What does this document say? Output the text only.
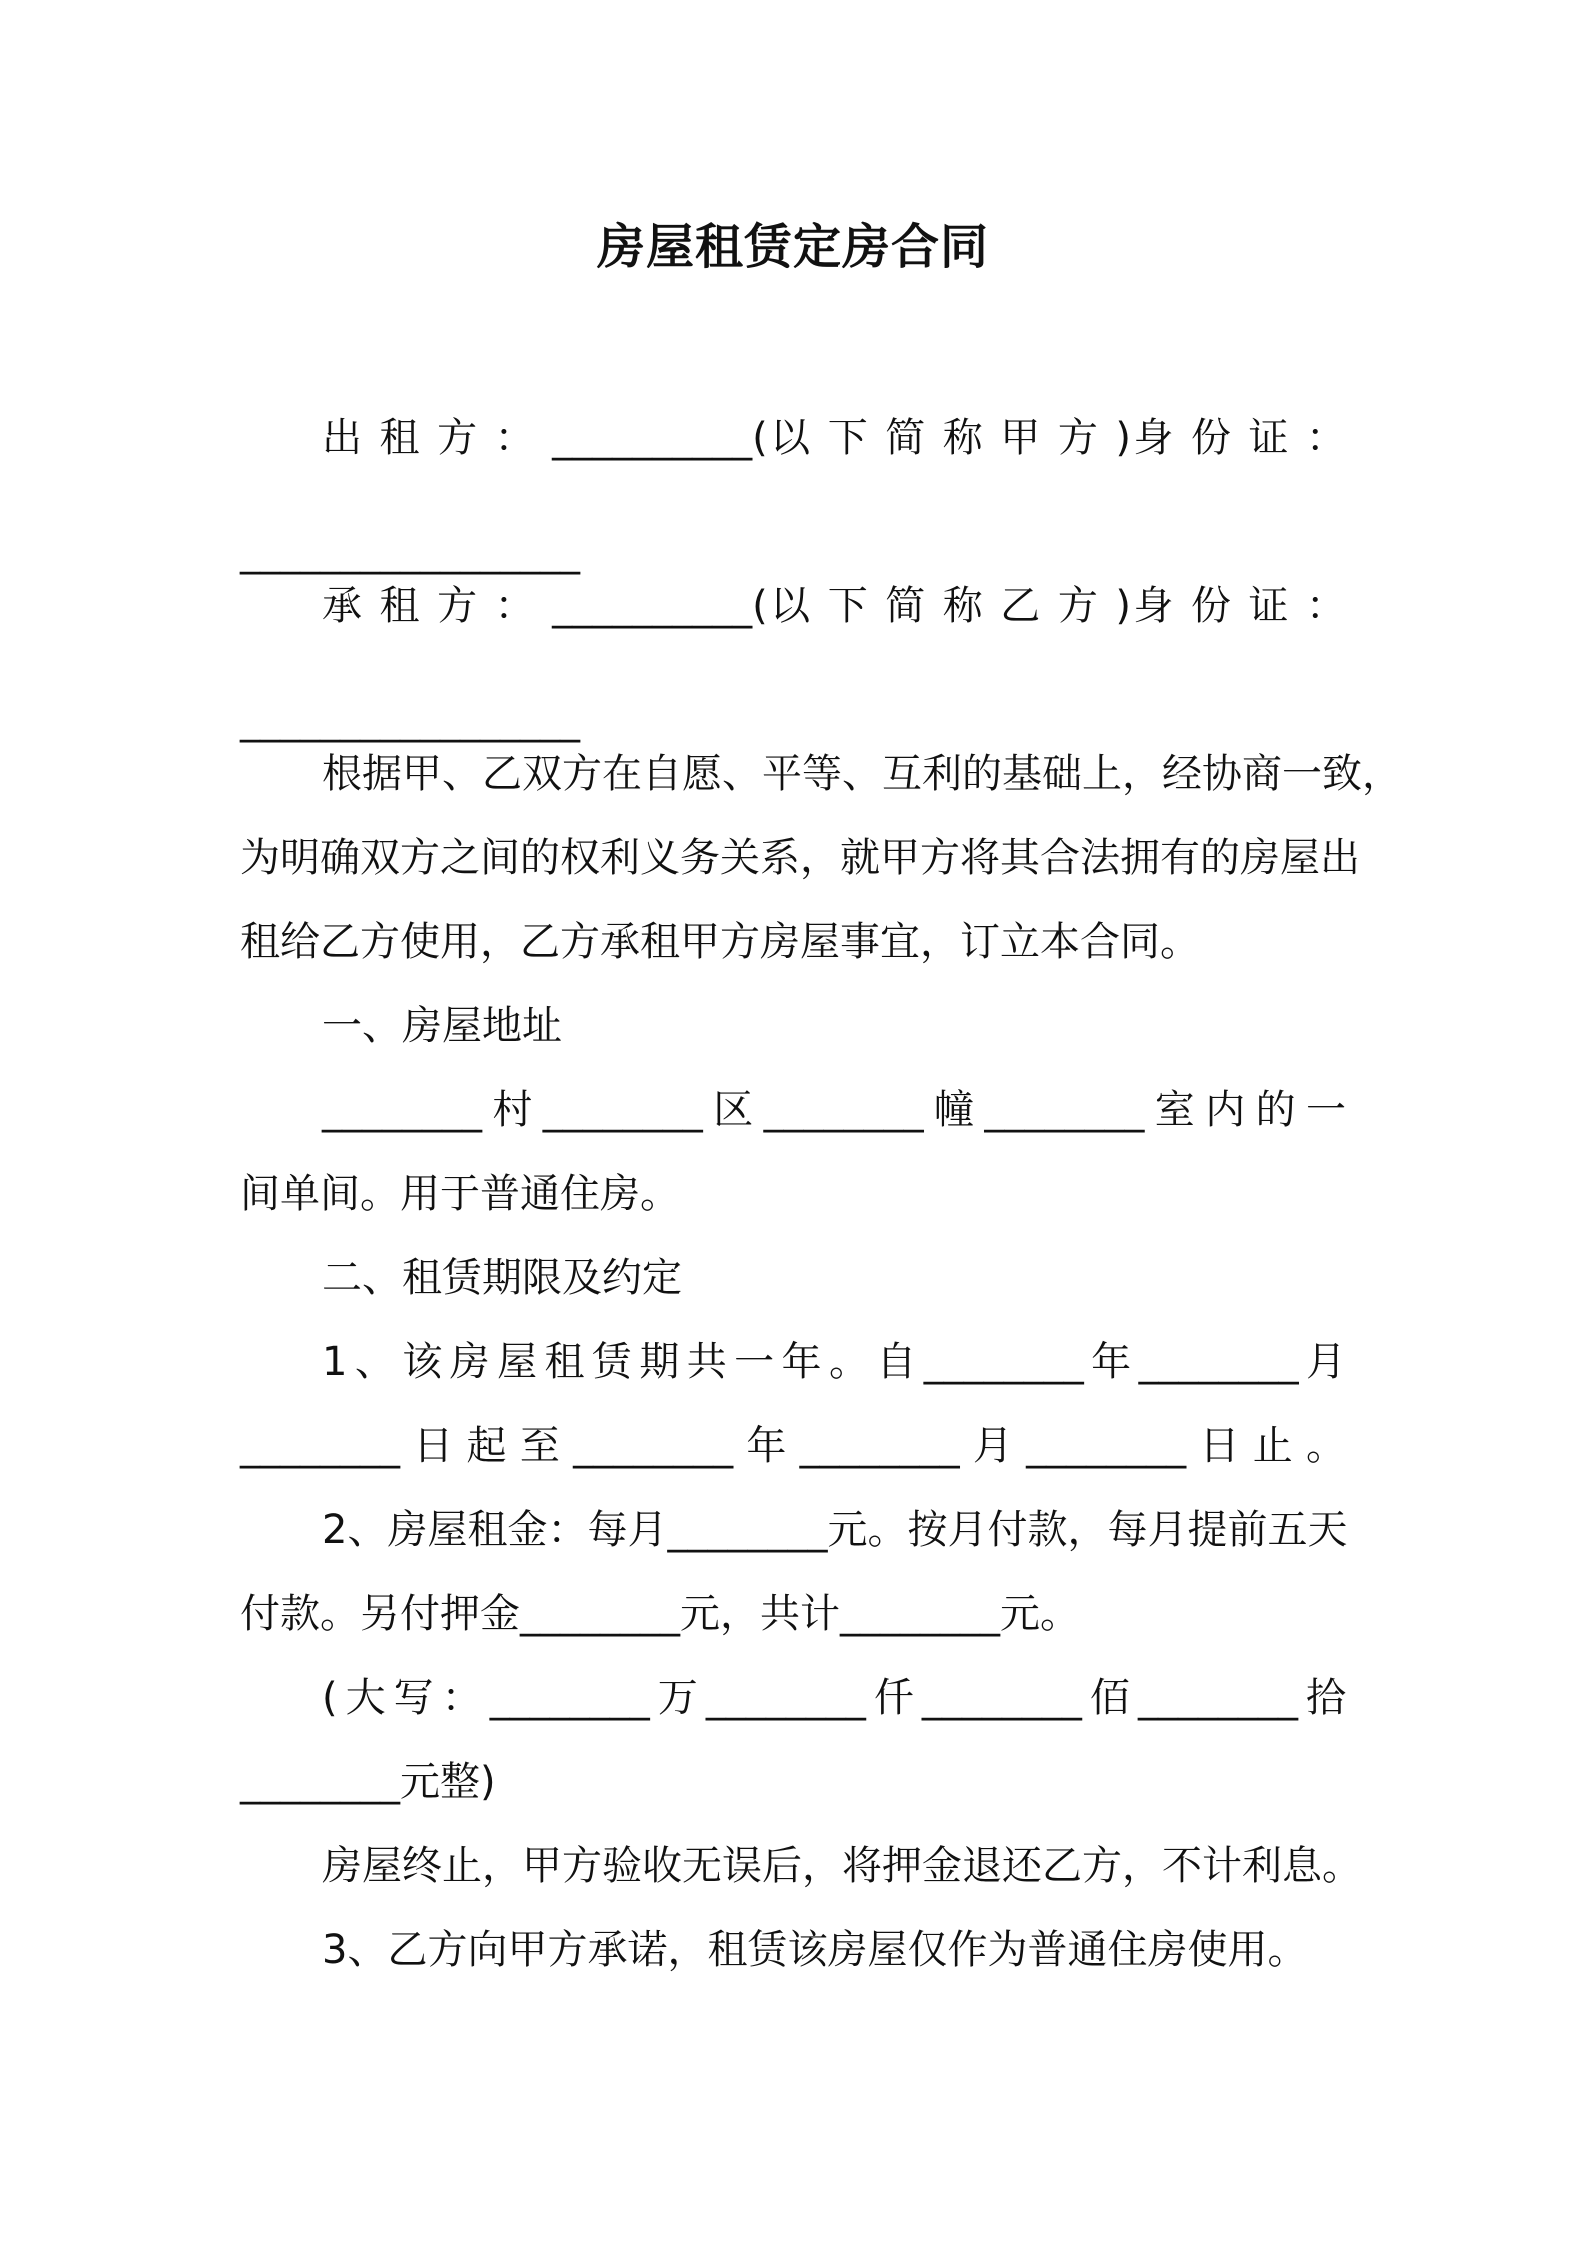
房屋租赁定房合同
出 租 方 ： __________(以 下 简 称 甲 方 )身 份 证 ：
_________________
承 租 方 ： __________(以 下 简 称 乙 方 )身 份 证 ：
_________________
根据甲、乙双方在自愿、平等、互利的基础上，经协商一致，
为明确双方之间的权利义务关系，就甲方将其合法拥有的房屋出
租给乙方使用，乙方承租甲方房屋事宜，订立本合同。
一、房屋地址
________村________区________幢________室内的一
间单间。用于普通住房。
二、租赁期限及约定
1、该房屋租赁期共一年。自________年________月
________日起至________年________月________日止。
2、房屋租金：每月________元。按月付款，每月提前五天
付款。另付押金________元，共计________元。
(大写：________万________仟________佰________拾
________元整)
房屋终止，甲方验收无误后，将押金退还乙方，不计利息。
3、乙方向甲方承诺，租赁该房屋仅作为普通住房使用。
